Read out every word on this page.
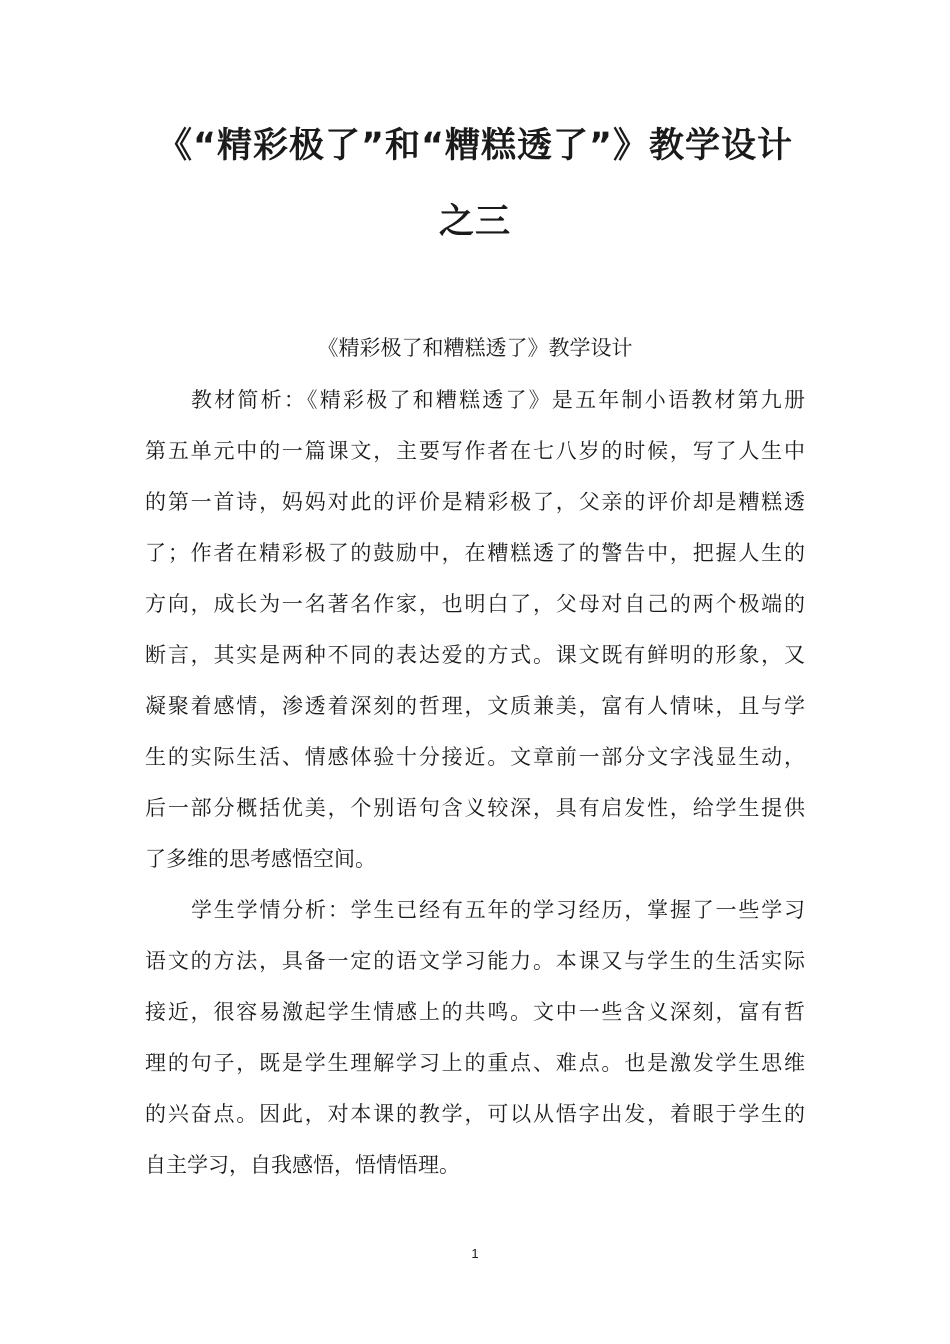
《“精彩极了”和“糟糕透了”》教学设计
之三
《精彩极了和糟糕透了》教学设计
教材简析：《精彩极了和糟糕透了》是五年制小语教材第九册
第五单元中的一篇课文，主要写作者在七八岁的时候，写了人生中
的第一首诗，妈妈对此的评价是精彩极了，父亲的评价却是糟糕透
了；作者在精彩极了的鼓励中，在糟糕透了的警告中，把握人生的
方向，成长为一名著名作家，也明白了，父母对自己的两个极端的
断言，其实是两种不同的表达爱的方式。课文既有鲜明的形象，又
凝聚着感情，渗透着深刻的哲理，文质兼美，富有人情味，且与学
生的实际生活、情感体验十分接近。文章前一部分文字浅显生动，
后一部分概括优美，个别语句含义较深，具有启发性，给学生提供
了多维的思考感悟空间。
学生学情分析：学生已经有五年的学习经历，掌握了一些学习
语文的方法，具备一定的语文学习能力。本课又与学生的生活实际
接近，很容易激起学生情感上的共鸣。文中一些含义深刻，富有哲
理的句子，既是学生理解学习上的重点、难点。也是激发学生思维
的兴奋点。因此，对本课的教学，可以从悟字出发，着眼于学生的
自主学习，自我感悟，悟情悟理。
1
